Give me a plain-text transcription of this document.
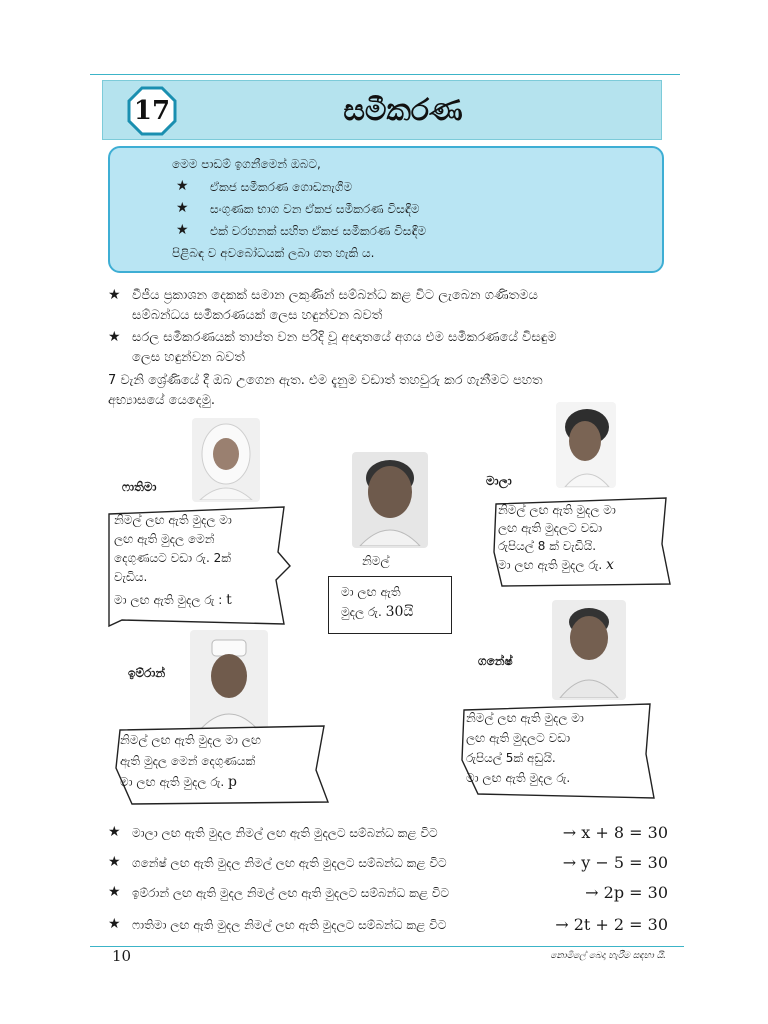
17	සමීකරණ
මෙම පාඩම් ඉගනීමෙන් ඔබට,
★ ඒකජ සමීකරණ ගොඩනැගීම
★ සංගුණක භාග වන ඒකජ සමීකරණ විසඳීම
★ එක් වරහනක් සහිත ඒකජ සමීකරණ විසඳීම
පිළිබඳ ව අවබෝධයක් ලබා ගත හැකි ය.
★ වීජීය ප්‍රකාශන දෙකක් සමාන ලකුණින් සම්බන්ධ කළ විට ලැබෙන ගණිතමය
සම්බන්ධය සමීකරණයක් ලෙස හඳුන්වන බවත්
★ සරල සමීකරණයක් තාප්ත වන පරිදි වූ අඥාතයේ අගය එම සමීකරණයේ විසඳුම
ලෙස හඳුන්වන බවත්
7 වැනි ශ්‍රේණියේ දී ඔබ උගෙන ඇත. එම දැනුම වඩාත් තහවුරු කර ගැනීමට පහත
අභ්‍යාසයේ යෙදෙමු.
ෆාතිමා
නිමල්
මාලා
ඉම්රාන්
ගනේෂ්
නිමල් ලඟ ඇති මුදල මා
ලඟ ඇති මුදල මෙන්
දෙගුණයට වඩා රු. 2ක්
වැඩිය.
මා ලඟ ඇති මුදල රු : t	මා ලඟ ඇති
මුදල රු. 30යි
නිමල් ලඟ ඇති මුදල මා
ලඟ ඇති මුදලට වඩා
රුපියල් 8 ක් වැඩියි.
මා ලඟ ඇති මුදල රු. x
නිමල් ලඟ ඇති මුදල මා ලඟ
ඇති මුදල මෙන් දෙගුණයක්
මා ලඟ ඇති මුදල රු. p
නිමල් ලඟ ඇති මුදල මා
ලඟ ඇති මුදලට වඩා
රුපියල් 5ක් අඩුයි.
මා ලඟ ඇති මුදල රු.
★ මාලා ලඟ ඇති මුදල නිමල් ලඟ ඇති මුදලට සම්බන්ධ කළ විට	→ x + 8 = 30
★ ගනේෂ් ලඟ ඇති මුදල නිමල් ලඟ ඇති මුදලට සම්බන්ධ කළ විට	→ y − 5 = 30
★ ඉම්රාන් ලඟ ඇති මුදල නිමල් ලඟ ඇති මුදලට සම්බන්ධ කළ විට	→ 2p = 30
★ ෆාතිමා ලඟ ඇති මුදල නිමල් ලඟ ඇති මුදලට සම්බන්ධ කළ විට	→ 2t + 2 = 30
10	නොමිලේ බෙදා හැරීම සඳහා යි.
